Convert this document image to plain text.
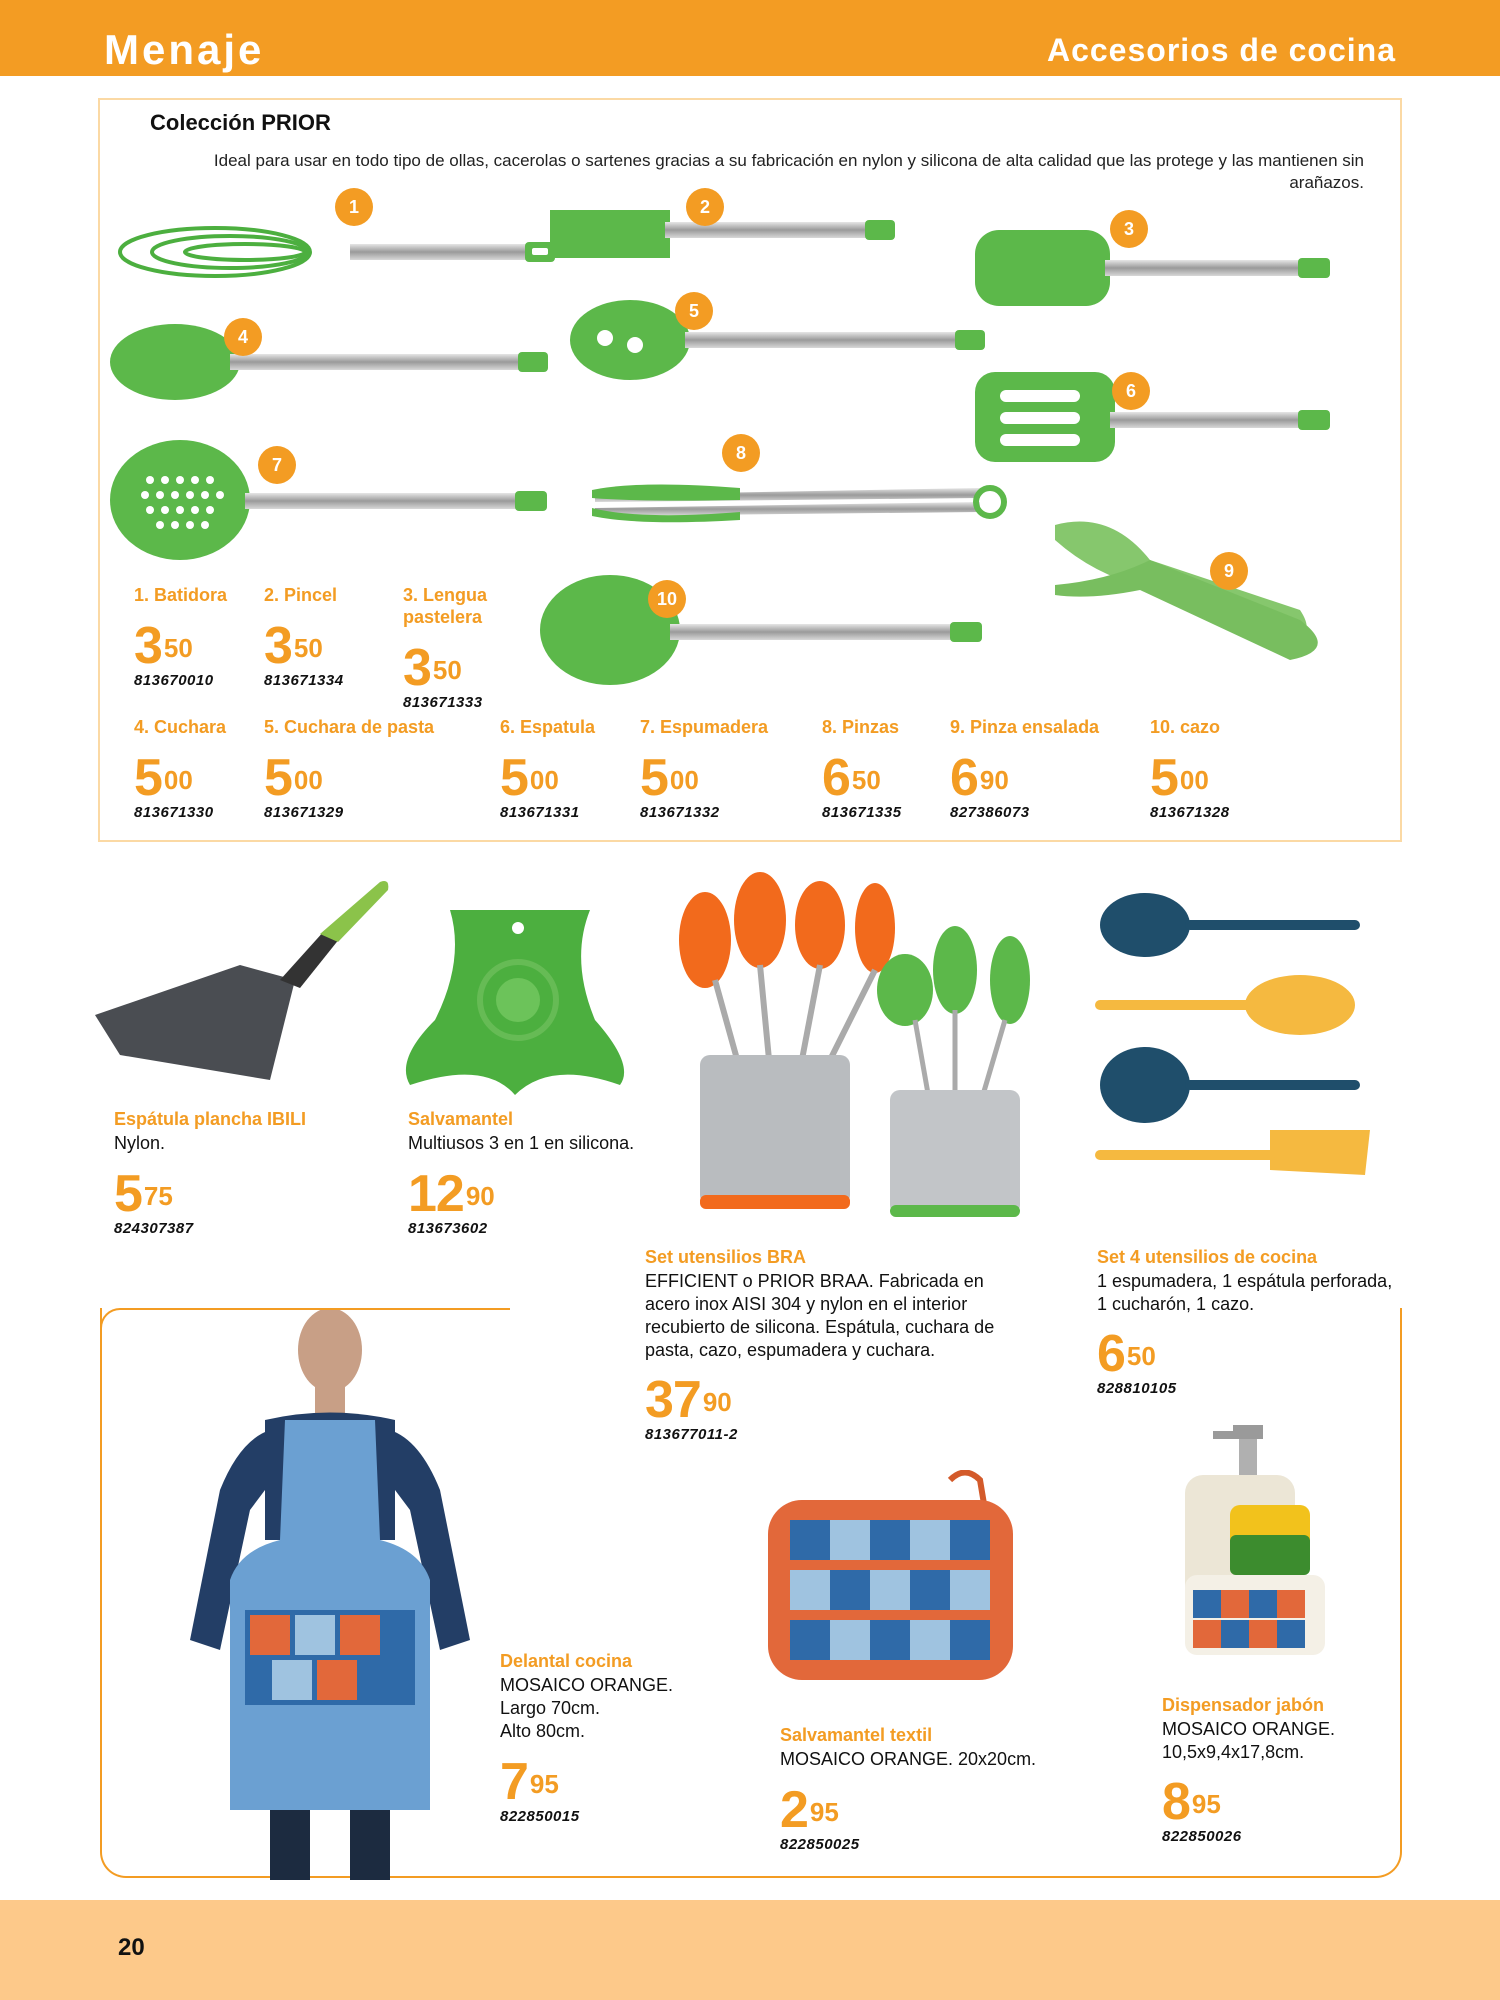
Menaje	Accesorios de cocina
Colección PRIOR
Ideal para usar en todo tipo de ollas, cacerolas o sartenes gracias a su fabricación en nylon y silicona de alta calidad que las protege y las mantienen sin arañazos.
1	2
3
4
5
6
7
8
9
10
1. Batidora
$3^{50}$
813670010
2. Pincel
$3^{50}$
813671334
3. Lengua pastelera
$3^{50}$
813671333
4. Cuchara
$5^{00}$
813671330
5. Cuchara de pasta
$5^{00}$
813671329
6. Espatula
$5^{00}$
813671331
7. Espumadera
$5^{00}$
813671332
8. Pinzas
$6^{50}$
813671335
9. Pinza ensalada
$6^{90}$
827386073
10. cazo
$5^{00}$
813671328
Espátula plancha IBILI
Nylon.
$5^{75}$
824307387
Salvamantel
Multiusos 3 en 1 en silicona.
$12^{90}$
813673602
Set utensilios BRA
EFFICIENT o PRIOR BRAA. Fabricada en acero inox AISI 304 y nylon en el interior recubierto de silicona. Espátula, cuchara de pasta, cazo, espumadera y cuchara.
$37^{90}$
813677011-2
Set 4 utensilios de cocina
1 espumadera, 1 espátula perforada, 1 cucharón, 1 cazo.
$6^{50}$
828810105
Delantal cocina
MOSAICO ORANGE.
Largo 70cm.
Alto 80cm.
$7^{95}$
822850015
Salvamantel textil
MOSAICO ORANGE. 20x20cm.
$2^{95}$
822850025
Dispensador jabón
MOSAICO ORANGE.
10,5x9,4x17,8cm.
$8^{95}$
822850026
20
